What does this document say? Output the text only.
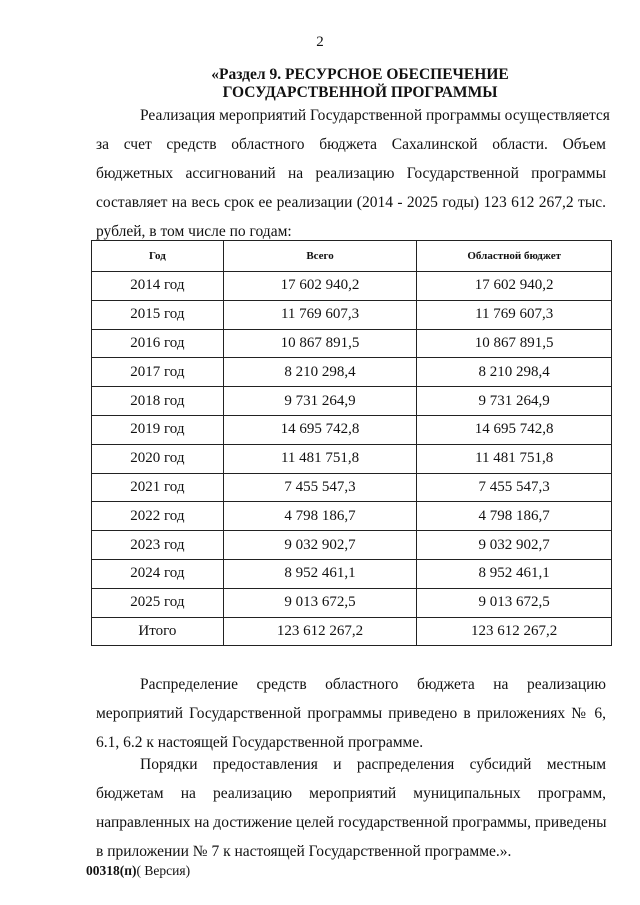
2
«Раздел 9. РЕСУРСНОЕ ОБЕСПЕЧЕНИЕ
ГОСУДАРСТВЕННОЙ ПРОГРАММЫ
Реализация мероприятий Государственной программы осуществляется
за счет средств областного бюджета Сахалинской области. Объем
бюджетных ассигнований на реализацию Государственной программы
составляет на весь срок ее реализации (2014 - 2025 годы) 123 612 267,2 тыс.
рублей, в том числе по годам:
Год	Всего	Областной бюджет
2014 год	17 602 940,2	17 602 940,2
2015 год	11 769 607,3	11 769 607,3
2016 год	10 867 891,5	10 867 891,5
2017 год	8 210 298,4	8 210 298,4
2018 год	9 731 264,9	9 731 264,9
2019 год	14 695 742,8	14 695 742,8
2020 год	11 481 751,8	11 481 751,8
2021 год	7 455 547,3	7 455 547,3
2022 год	4 798 186,7	4 798 186,7
2023 год	9 032 902,7	9 032 902,7
2024 год	8 952 461,1	8 952 461,1
2025 год	9 013 672,5	9 013 672,5
Итого	123 612 267,2	123 612 267,2
Распределение средств областного бюджета на реализацию
мероприятий Государственной программы приведено в приложениях № 6,
6.1, 6.2 к настоящей Государственной программе.
Порядки предоставления и распределения субсидий местным
бюджетам на реализацию мероприятий муниципальных программ,
направленных на достижение целей государственной программы, приведены
в приложении № 7 к настоящей Государственной программе.».
00318(п)( Версия)
